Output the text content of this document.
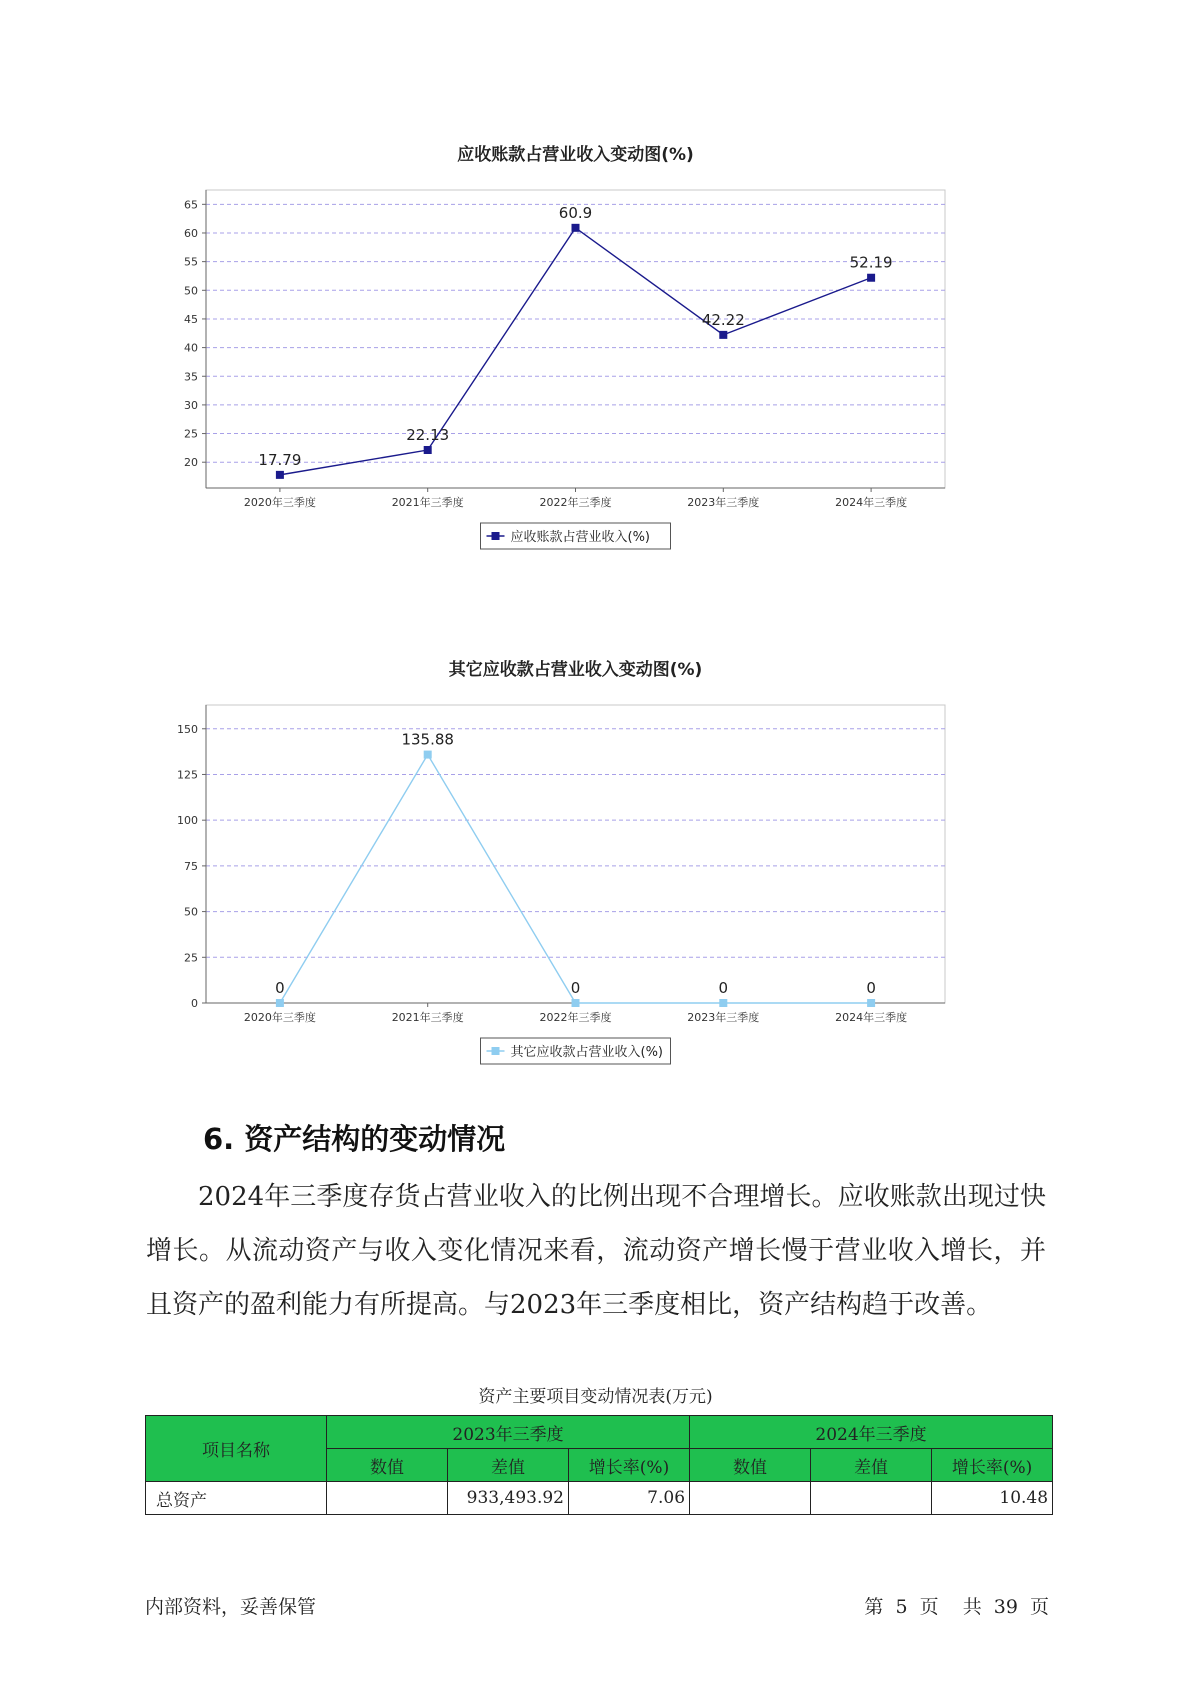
应收账款占营业收入变动图(%)
20
25
30
35
40
45
50
55
60
65
2020年三季度	2021年三季度	2022年三季度	2023年三季度	2024年三季度
17.79
22.13
60.9
42.22
52.19
应收账款占营业收入(%)
其它应收款占营业收入变动图(%)
0
25
50
75
100
125
150
2020年三季度	2021年三季度	2022年三季度	2023年三季度	2024年三季度
0
135.88
0	0	0
其它应收款占营业收入(%)
6. 资产结构的变动情况

2024年三季度存货占营业收入的比例出现不合理增长。应收账款出现过快增长。从流动资产与收入变化情况来看，流动资产增长慢于营业收入增长，并且资产的盈利能力有所提高。与2023年三季度相比，资产结构趋于改善。

资产主要项目变动情况表(万元)
项目名称	2023年三季度			2024年三季度		
	数值	差值	增长率(%)	数值	差值	增长率(%)
总资产		933,493.92	7.06			10.48
内部资料，妥善保管	第 5 页 共 39 页
